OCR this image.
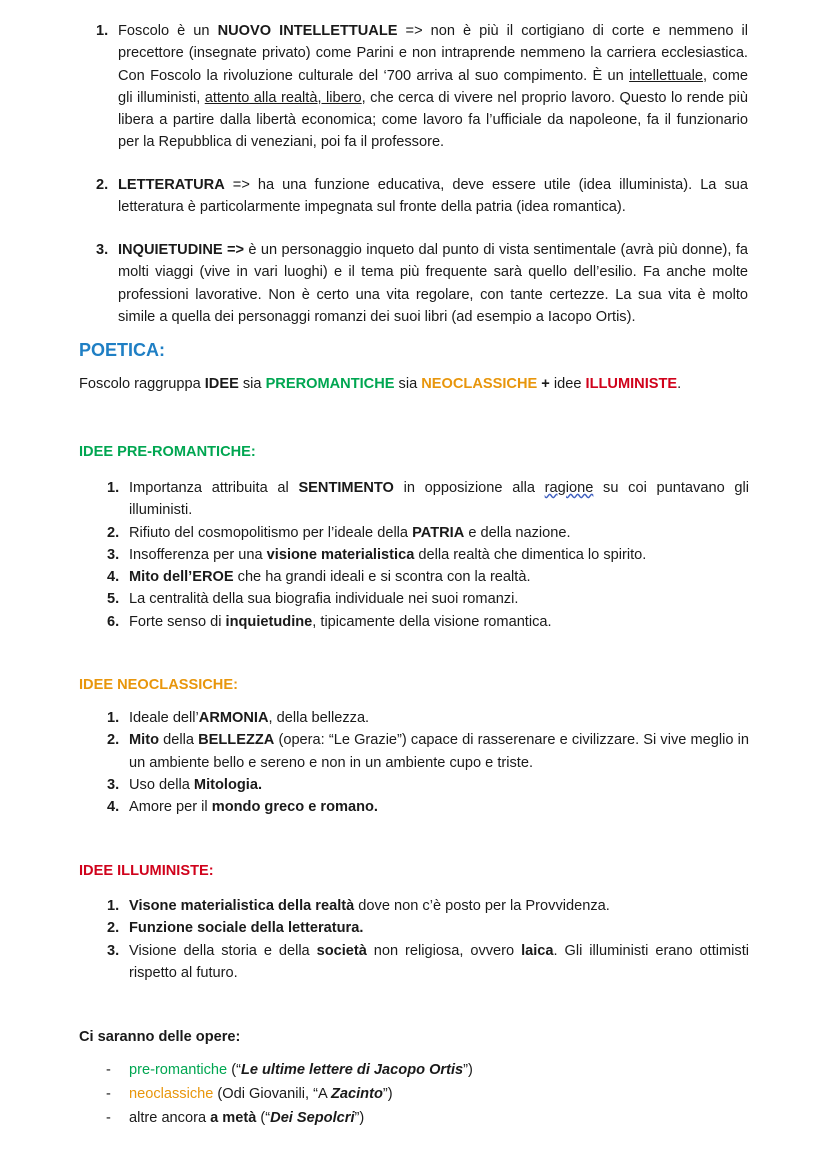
1. Foscolo è un NUOVO INTELLETTUALE => non è più il cortigiano di corte e nemmeno il precettore (insegnate privato) come Parini e non intraprende nemmeno la carriera ecclesiastica. Con Foscolo la rivoluzione culturale del ‘700 arriva al suo compimento. È un intellettuale, come gli illuministi, attento alla realtà, libero, che cerca di vivere nel proprio lavoro. Questo lo rende più libera a partire dalla libertà economica; come lavoro fa l’ufficiale da napoleone, fa il funzionario per la Repubblica di veneziani, poi fa il professore.
2. LETTERATURA => ha una funzione educativa, deve essere utile (idea illuminista). La sua letteratura è particolarmente impegnata sul fronte della patria (idea romantica).
3. INQUIETUDINE => è un personaggio inqueto dal punto di vista sentimentale (avrà più donne), fa molti viaggi (vive in vari luoghi) e il tema più frequente sarà quello dell’esilio. Fa anche molte professioni lavorative. Non è certo una vita regolare, con tante certezze. La sua vita è molto simile a quella dei personaggi romanzi dei suoi libri (ad esempio a Iacopo Ortis).
POETICA:
Foscolo raggruppa IDEE sia PREROMANTICHE sia NEOCLASSICHE + idee ILLUMINISTE.
IDEE PRE-ROMANTICHE:
1. Importanza attribuita al SENTIMENTO in opposizione alla ragione su coi puntavano gli illuministi.
2. Rifiuto del cosmopolitismo per l’ideale della PATRIA e della nazione.
3. Insofferenza per una visione materialistica della realtà che dimentica lo spirito.
4. Mito dell’EROE che ha grandi ideali e si scontra con la realtà.
5. La centralità della sua biografia individuale nei suoi romanzi.
6. Forte senso di inquietudine, tipicamente della visione romantica.
IDEE NEOCLASSICHE:
1. Ideale dell’ARMONIA, della bellezza.
2. Mito della BELLEZZA (opera: “Le Grazie”) capace di rasserenare e civilizzare. Si vive meglio in un ambiente bello e sereno e non in un ambiente cupo e triste.
3. Uso della Mitologia.
4. Amore per il mondo greco e romano.
IDEE ILLUMINISTE:
1. Visone materialistica della realtà dove non c’è posto per la Provvidenza.
2. Funzione sociale della letteratura.
3. Visione della storia e della società non religiosa, ovvero laica. Gli illuministi erano ottimisti rispetto al futuro.
Ci saranno delle opere:
- pre-romantiche (“Le ultime lettere di Jacopo Ortis”)
- neoclassiche (Odi Giovanili, “A Zacinto”)
- altre ancora a metà (“Dei Sepolcri”)
